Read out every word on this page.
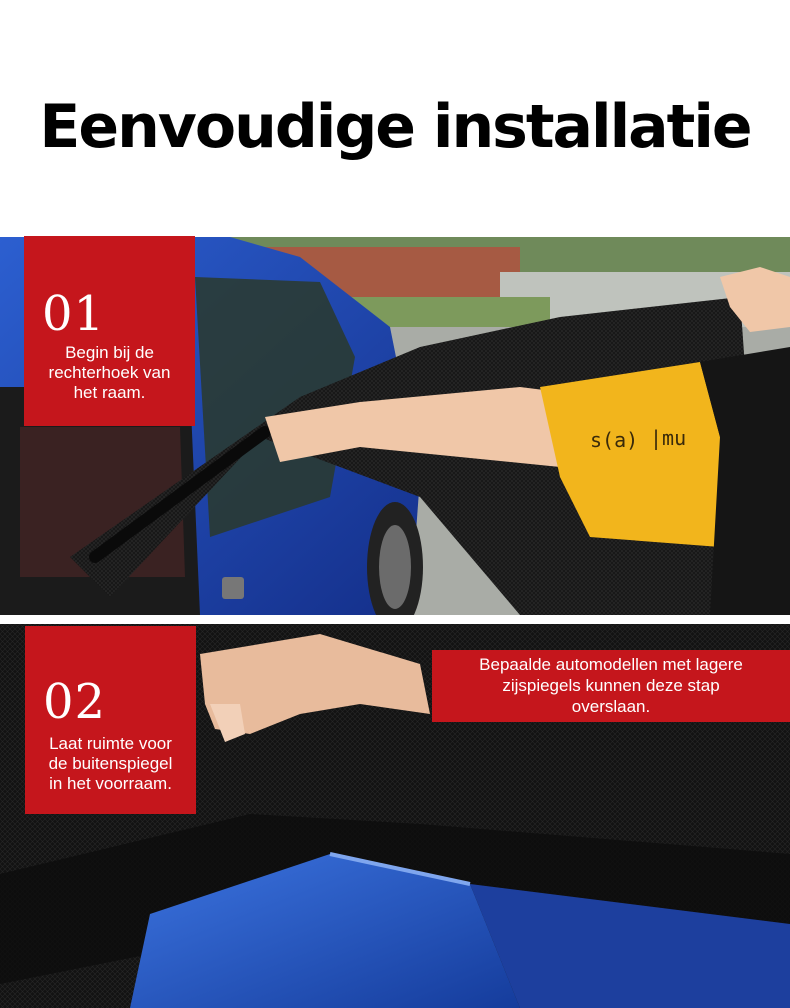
Eenvoudige installatie
s(a) |mu
01
Begin bij de
rechterhoek van
het raam.
02
Laat ruimte voor
de buitenspiegel
in het voorraam.
Bepaalde automodellen met lagere
zijspiegels kunnen deze stap
overslaan.
